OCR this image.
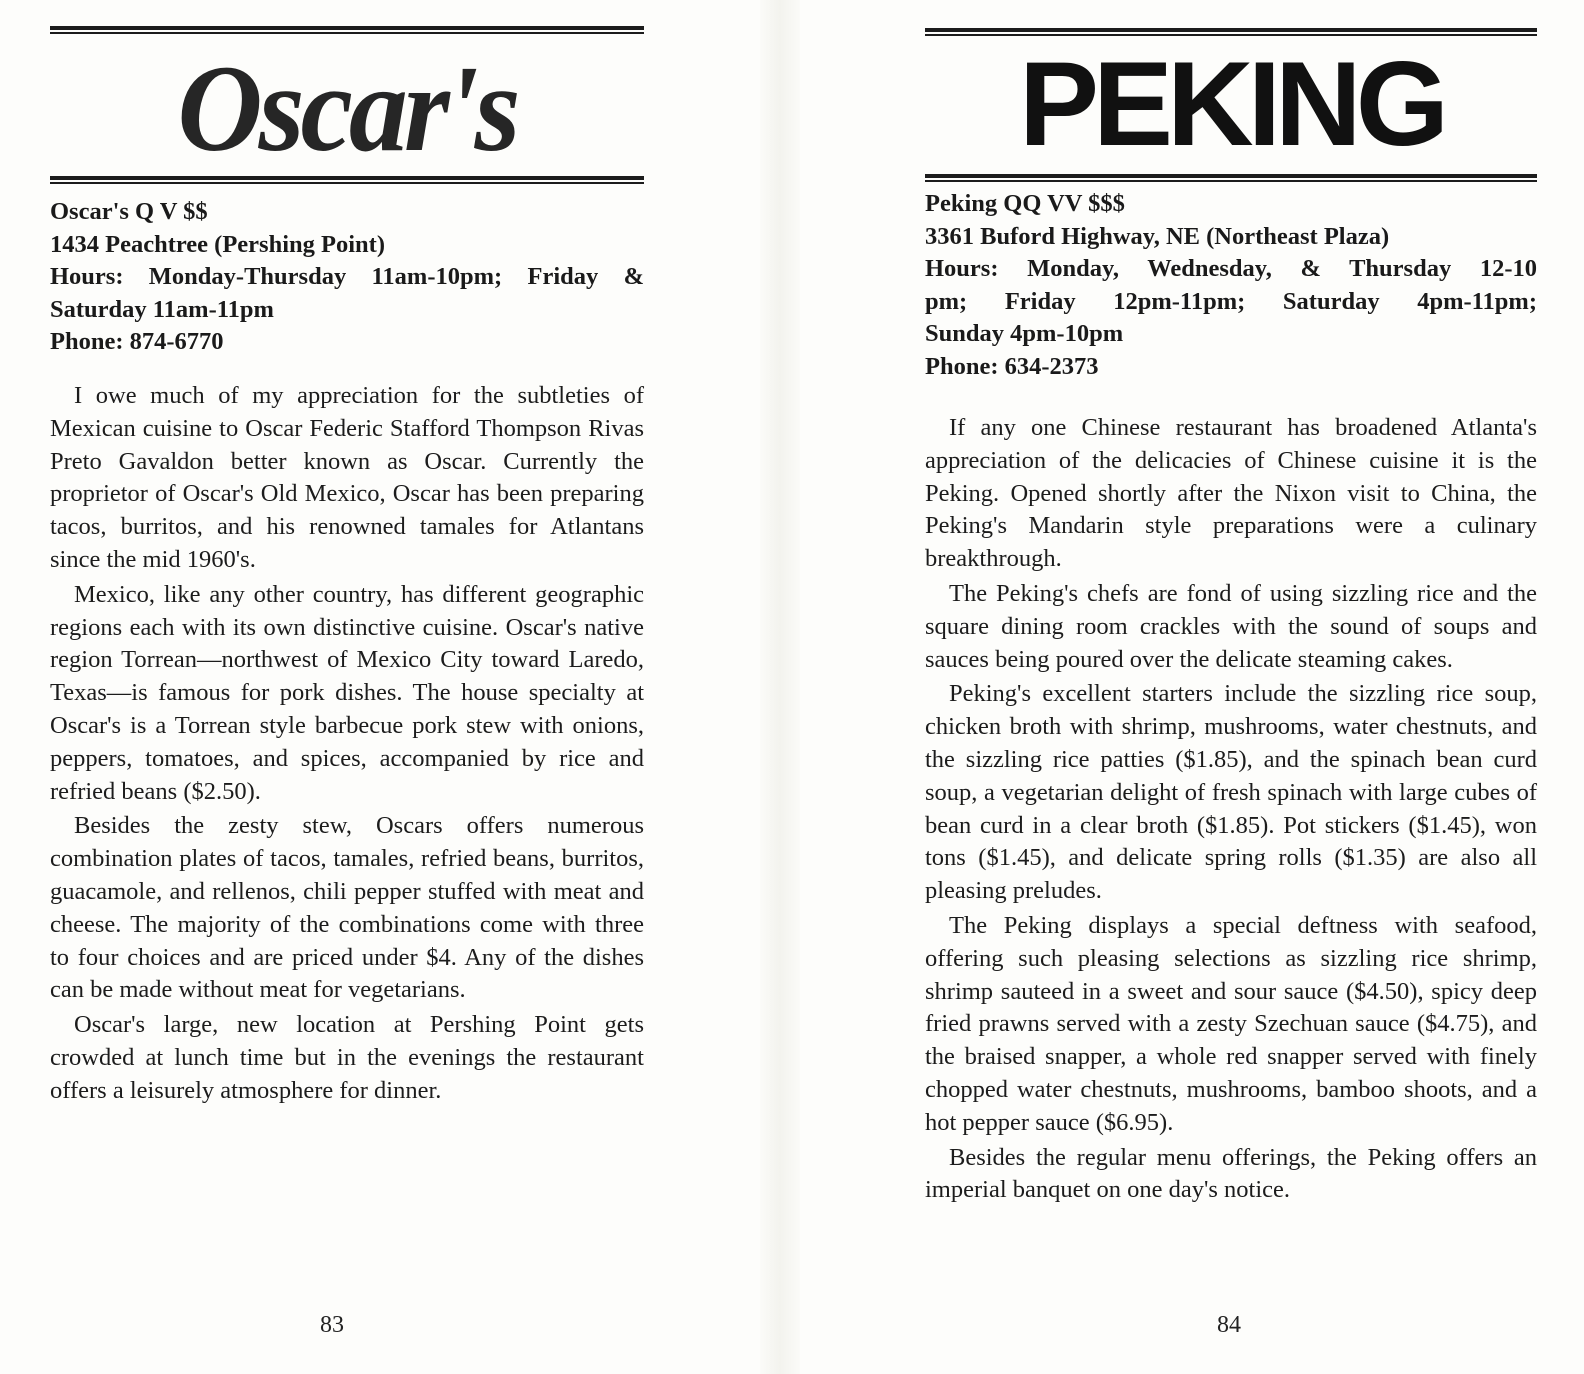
Oscar's
Oscar's Q V $$
1434 Peachtree (Pershing Point)
Hours: Monday-Thursday 11am-10pm; Friday &
Saturday 11am-11pm
Phone: 874-6770

I owe much of my appreciation for the subtleties of Mexican cuisine to Oscar Federic Stafford Thompson Rivas Preto Gavaldon better known as Oscar. Currently the proprietor of Oscar's Old Mexico, Oscar has been preparing tacos, burritos, and his renowned tamales for Atlantans since the mid 1960's.

Mexico, like any other country, has different geographic regions each with its own distinctive cuisine. Oscar's native region Torrean—northwest of Mexico City toward Laredo, Texas—is famous for pork dishes. The house specialty at Oscar's is a Torrean style barbecue pork stew with onions, peppers, tomatoes, and spices, accompanied by rice and refried beans ($2.50).

Besides the zesty stew, Oscars offers numerous combination plates of tacos, tamales, refried beans, burritos, guacamole, and rellenos, chili pepper stuffed with meat and cheese. The majority of the combinations come with three to four choices and are priced under $4. Any of the dishes can be made without meat for vegetarians.

Oscar's large, new location at Pershing Point gets crowded at lunch time but in the evenings the restaurant offers a leisurely atmosphere for dinner.

83
PEKING
Peking QQ VV $$$
3361 Buford Highway, NE (Northeast Plaza)
Hours: Monday, Wednesday, & Thursday 12-10
pm; Friday 12pm-11pm; Saturday 4pm-11pm;
Sunday 4pm-10pm
Phone: 634-2373

If any one Chinese restaurant has broadened Atlanta's appreciation of the delicacies of Chinese cuisine it is the Peking. Opened shortly after the Nixon visit to China, the Peking's Mandarin style preparations were a culinary breakthrough.

The Peking's chefs are fond of using sizzling rice and the square dining room crackles with the sound of soups and sauces being poured over the delicate steaming cakes.

Peking's excellent starters include the sizzling rice soup, chicken broth with shrimp, mushrooms, water chestnuts, and the sizzling rice patties ($1.85), and the spinach bean curd soup, a vegetarian delight of fresh spinach with large cubes of bean curd in a clear broth ($1.85). Pot stickers ($1.45), won tons ($1.45), and delicate spring rolls ($1.35) are also all pleasing preludes.

The Peking displays a special deftness with seafood, offering such pleasing selections as sizzling rice shrimp, shrimp sauteed in a sweet and sour sauce ($4.50), spicy deep fried prawns served with a zesty Szechuan sauce ($4.75), and the braised snapper, a whole red snapper served with finely chopped water chestnuts, mushrooms, bamboo shoots, and a hot pepper sauce ($6.95).

Besides the regular menu offerings, the Peking offers an imperial banquet on one day's notice.

84
